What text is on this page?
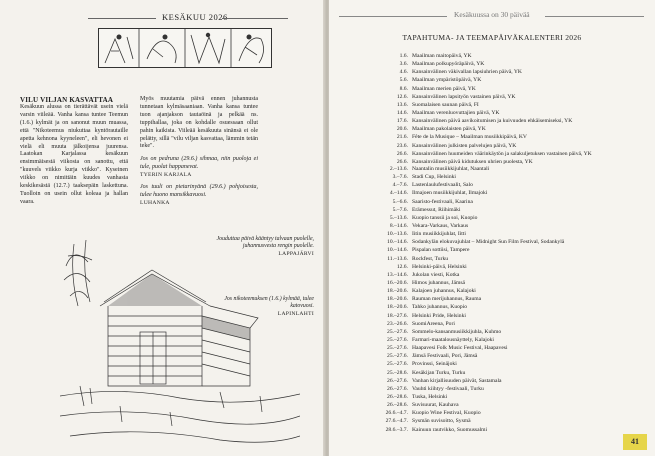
KESÄKUU 2026
VILU VILJAN KASVATTAA

Kesäkuun alussa on tierättävät usein vielä varsin viileää. Vanha kansa tuntee Teemun (1.6.) kylmät ja on sanonut muun muassa, että "Nikoteemus niukuttaa kyntörautaille apetta kehnona kyyneleen", eli hevonen ei vielä eli muuta jälkoijensa juurensa. Laatokan Karjalassa kesäkuun ensimmäisestä viikosta on sanottu, että "kuuvels viikko kurja viikko". Kyseinen viikko on nimittäin kuudes vanhasta keskikesästä (12.7.) taaksepäin laskettuna. Tuolloin on usein ollut koleaa ja hallan vaara.

Myös muutamia päivä ennen juhannusta tunnetaan kylmäsaaniaan. Vanha kansa tuntee tuon ajanjakson tautaöinä ja pelkää ns. tuppihallaa, joka on kohdalle osuessaan ollut pahin kaikista. Viileää kesäkuuta sinänsä ei ole pelätty, sillä "vilu viljan kasvattaa, lämmin tetän teke".

Jos on pedruna (29.6.) sihmaa, niin puoloja ei tule, puolat happanevat.

TYERIN KARJALA

Jos tuuli on pietarinyänä (29.6.) pohjoisesta, tulee huono mansikkavuosi.

LUHANKA

Jouduttaa päivä kääntyy talvaan puolelle, juhannusvesta rengin puolelle.
LAPPAJÄRVI
Jos nikoteemuksen (1.6.) kylmää, tulee katovuosi.
LAPINLAHTI
Kesäkuussa on 30 päivää
TAPAHTUMA- JA TEEMAPÄIVÄKALENTERI 2026
1.6. Maailman maitopäivä, YK
3.6. Maailman polkupyöräpäivä, YK
4.6. Kansainvälinen väkivallan lapsiuhrien päivä, YK
5.6. Maailman ympäristöpäivä, YK
8.6. Maailman merien päivä, YK
12.6. Kansainvälinen lapsityön vastainen päivä, YK
13.6. Suomalaisen saunan päivä, FI
14.6. Maailman verenluovuttajien päivä, YK
17.6. Kansainvälinen päivä aavikoitumisen ja kuivuuden ehkäisemiseksi, YK
20.6. Maailman pakolaisten päivä, YK
21.6. Fête de la Musique – Maailman musiikkipäivä, KV
23.6. Kansainvälinen julkisten palvelujen päivä, YK
26.6. Kansainvälinen huumeiden väärinkäytön ja salakuljetuksen vastainen päivä, YK
26.6. Kansainvälinen päivä kidutuksen uhrien puolesta, YK
2.–13.6. Naantalin musiikkijuhlat, Naantali
3.–7.6. Stadi Cup, Helsinki
4.–7.6. Lastenlaulufestivaalit, Salo
4.–14.6. Ilmajoen musiikkijuhlat, Ilmajoki
5.–6.6. Saaristo-festivaali, Kaarina
5.–7.6. Erämessut, Riihimäki
5.–13.6. Kuopio tanssii ja soi, Kuopio
8.–14.6. Vekara-Varkaus, Varkaus
10.–13.6. Iitin musiikkijuhlat, Iitti
10.–14.6. Sodankylän elokuvajuhlat – Midnight Sun Film Festival, Sodankylä
10.–14.6. Pispalan sottiisi, Tampere
11.–13.6. Rockfest, Turku
12.6. Helsinki-päivä, Helsinki
13.–14.6. Jukolan viesti, Kotka
16.–20.6. Himos juhannus, Jämsä
18.–20.6. Kalajoen juhannus, Kalajoki
18.–20.6. Rauman merijuhannus, Rauma
18.–20.6. Tahko juhannus, Kuopio
18.–27.6. Helsinki Pride, Helsinki
23.–26.6. SuomiAreena, Pori
25.–27.6. Sommelo-kansanmusiikkijuhla, Kuhmo
25.–27.6. Farmari-maatalousnäyttely, Kalajoki
25.–27.6. Haapavesi Folk Music Festival, Haapavesi
25.–27.6. Jämsä Festivaali, Pori, Jämsä
25.–27.6. Provinssi, Seinäjoki
25.–28.6. Kesäkijan Turku, Turku
26.–27.6. Vanhan kirjallisuuden päivät, Sastamala
26.–27.6. Vauhti kiihtyy -festivaali, Turku
26.–28.6. Tuska, Helsinki
26.–28.6. Suvisuurat, Kauhava
26.6.–4.7. Kuopio Wine Festival, Kuopio
27.6.–4.7. Sysmän suvisoitto, Sysmä
28.6.–3.7. Kainuun rautvikko, Suomussalmi
41
